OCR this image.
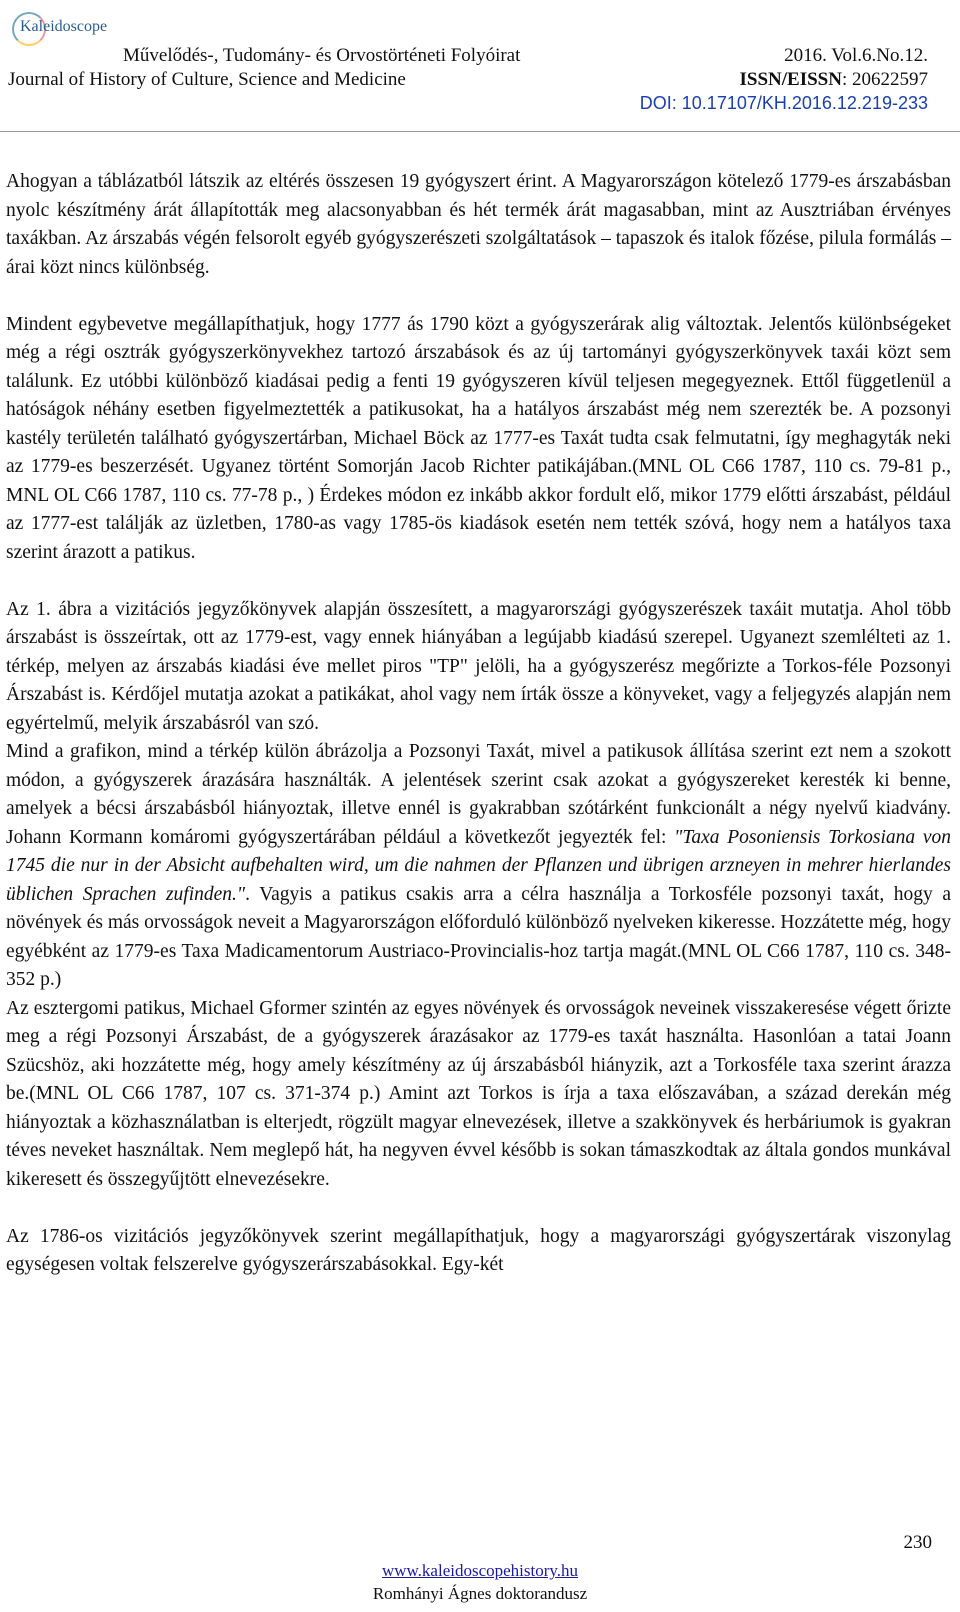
Kaleidoscope
Művelődés-, Tudomány- és Orvostörténeti Folyóirat
Journal of History of Culture, Science and Medicine
2016. Vol.6.No.12.
ISSN/EISSN: 20622597
DOI: 10.17107/KH.2016.12.219-233

Ahogyan a táblázatból látszik az eltérés összesen 19 gyógyszert érint. A Magyarországon kötelező 1779-es árszabásban nyolc készítmény árát állapították meg alacsonyabban és hét termék árát magasabban, mint az Ausztriában érvényes taxákban. Az árszabás végén felsorolt egyéb gyógyszerészeti szolgáltatások – tapaszok és italok főzése, pilula formálás – árai közt nincs különbség.

Mindent egybevetve megállapíthatjuk, hogy 1777 ás 1790 közt a gyógyszerárak alig változtak. Jelentős különbségeket még a régi osztrák gyógyszerkönyvekhez tartozó árszabások és az új tartományi gyógyszerkönyvek taxái közt sem találunk. Ez utóbbi különböző kiadásai pedig a fenti 19 gyógyszeren kívül teljesen megegyeznek. Ettől függetlenül a hatóságok néhány esetben figyelmeztették a patikusokat, ha a hatályos árszabást még nem szerezték be. A pozsonyi kastély területén található gyógyszertárban, Michael Böck az 1777-es Taxát tudta csak felmutatni, így meghagyták neki az 1779-es beszerzését. Ugyanez történt Somorján Jacob Richter patikájában.(MNL OL C66 1787, 110 cs. 79-81 p., MNL OL C66 1787, 110 cs. 77-78 p., ) Érdekes módon ez inkább akkor fordult elő, mikor 1779 előtti árszabást, például az 1777-est találják az üzletben, 1780-as vagy 1785-ös kiadások esetén nem tették szóvá, hogy nem a hatályos taxa szerint árazott a patikus.

Az 1. ábra a vizitációs jegyzőkönyvek alapján összesített, a magyarországi gyógyszerészek taxáit mutatja. Ahol több árszabást is összeírtak, ott az 1779-est, vagy ennek hiányában a legújabb kiadású szerepel. Ugyanezt szemlélteti az 1. térkép, melyen az árszabás kiadási éve mellet piros "TP" jelöli, ha a gyógyszerész megőrizte a Torkos-féle Pozsonyi Árszabást is. Kérdőjel mutatja azokat a patikákat, ahol vagy nem írták össze a könyveket, vagy a feljegyzés alapján nem egyértelmű, melyik árszabásról van szó.

Mind a grafikon, mind a térkép külön ábrázolja a Pozsonyi Taxát, mivel a patikusok állítása szerint ezt nem a szokott módon, a gyógyszerek árazására használták. A jelentések szerint csak azokat a gyógyszereket keresték ki benne, amelyek a bécsi árszabásból hiányoztak, illetve ennél is gyakrabban szótárként funkcionált a négy nyelvű kiadvány. Johann Kormann komáromi gyógyszertárában például a következőt jegyezték fel: "Taxa Posoniensis Torkosiana von 1745 die nur in der Absicht aufbehalten wird, um die nahmen der Pflanzen und übrigen arzneyen in mehrer hierlandes üblichen Sprachen zufinden.". Vagyis a patikus csakis arra a célra használja a Torkosféle pozsonyi taxát, hogy a növények és más orvosságok neveit a Magyarországon előforduló különböző nyelveken kikeresse. Hozzátette még, hogy egyébként az 1779-es Taxa Madicamentorum Austriaco-Provincialis-hoz tartja magát.(MNL OL C66 1787, 110 cs. 348-352 p.)

Az esztergomi patikus, Michael Gformer szintén az egyes növények és orvosságok neveinek visszakeresése végett őrizte meg a régi Pozsonyi Árszabást, de a gyógyszerek árazásakor az 1779-es taxát használta. Hasonlóan a tatai Joann Szücshöz, aki hozzátette még, hogy amely készítmény az új árszabásból hiányzik, azt a Torkosféle taxa szerint árazza be.(MNL OL C66 1787, 107 cs. 371-374 p.) Amint azt Torkos is írja a taxa előszavában, a század derekán még hiányoztak a közhasználatban is elterjedt, rögzült magyar elnevezések, illetve a szakkönyvek és herbáriumok is gyakran téves neveket használtak. Nem meglepő hát, ha negyven évvel később is sokan támaszkodtak az általa gondos munkával kikeresett és összegyűjtött elnevezésekre.

Az 1786-os vizitációs jegyzőkönyvek szerint megállapíthatjuk, hogy a magyarországi gyógyszertárak viszonylag egységesen voltak felszerelve gyógyszerárszabásokkal. Egy-két

230
www.kaleidoscopehistory.hu
Romhányi Ágnes doktorandusz
